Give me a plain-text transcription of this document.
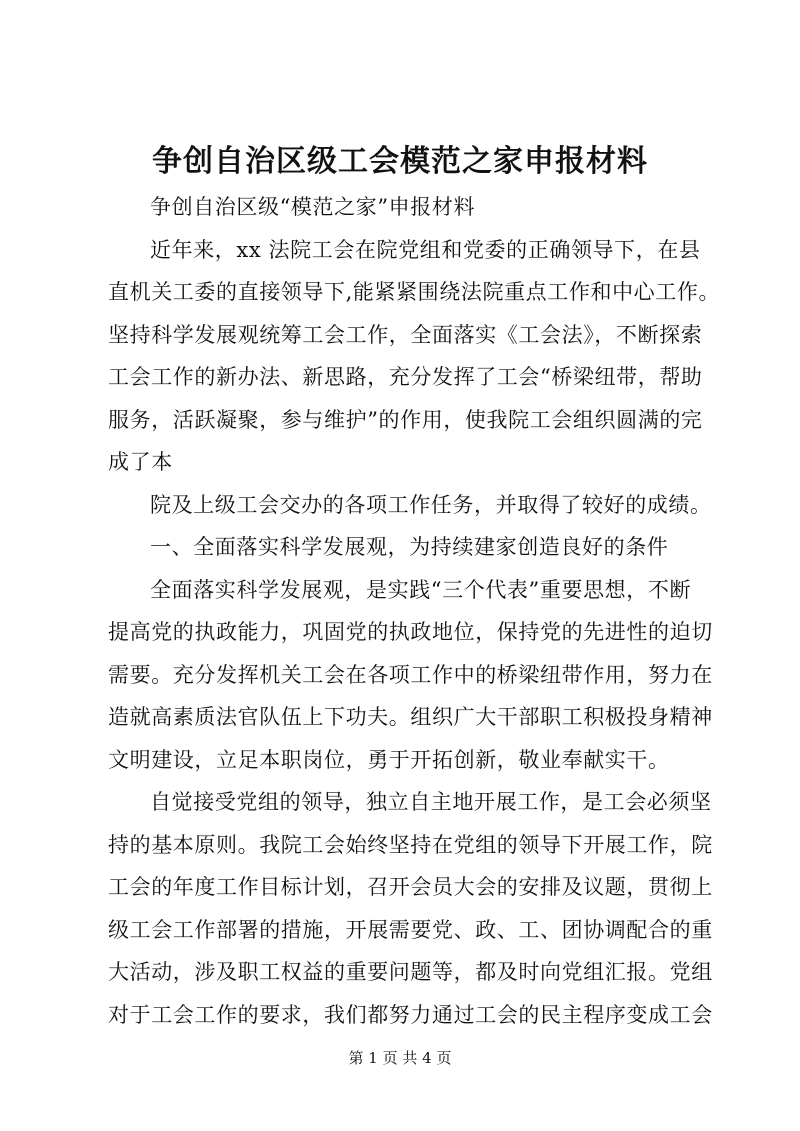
争创自治区级工会模范之家申报材料
争创自治区级“模范之家”申报材料
近年来，xx 法院工会在院党组和党委的正确领导下，在县
直机关工委的直接领导下,能紧紧围绕法院重点工作和中心工作。
坚持科学发展观统筹工会工作，全面落实《工会法》，不断探索
工会工作的新办法、新思路，充分发挥了工会“桥梁纽带，帮助
服务，活跃凝聚，参与维护”的作用，使我院工会组织圆满的完
成了本
院及上级工会交办的各项工作任务，并取得了较好的成绩。
一、全面落实科学发展观，为持续建家创造良好的条件
全面落实科学发展观，是实践“三个代表”重要思想，不断
提高党的执政能力，巩固党的执政地位，保持党的先进性的迫切
需要。充分发挥机关工会在各项工作中的桥梁纽带作用，努力在
造就高素质法官队伍上下功夫。组织广大干部职工积极投身精神
文明建设，立足本职岗位，勇于开拓创新，敬业奉献实干。
自觉接受党组的领导，独立自主地开展工作，是工会必须坚
持的基本原则。我院工会始终坚持在党组的领导下开展工作，院
工会的年度工作目标计划，召开会员大会的安排及议题，贯彻上
级工会工作部署的措施，开展需要党、政、工、团协调配合的重
大活动，涉及职工权益的重要问题等，都及时向党组汇报。党组
对于工会工作的要求，我们都努力通过工会的民主程序变成工会
第 1 页 共 4 页
